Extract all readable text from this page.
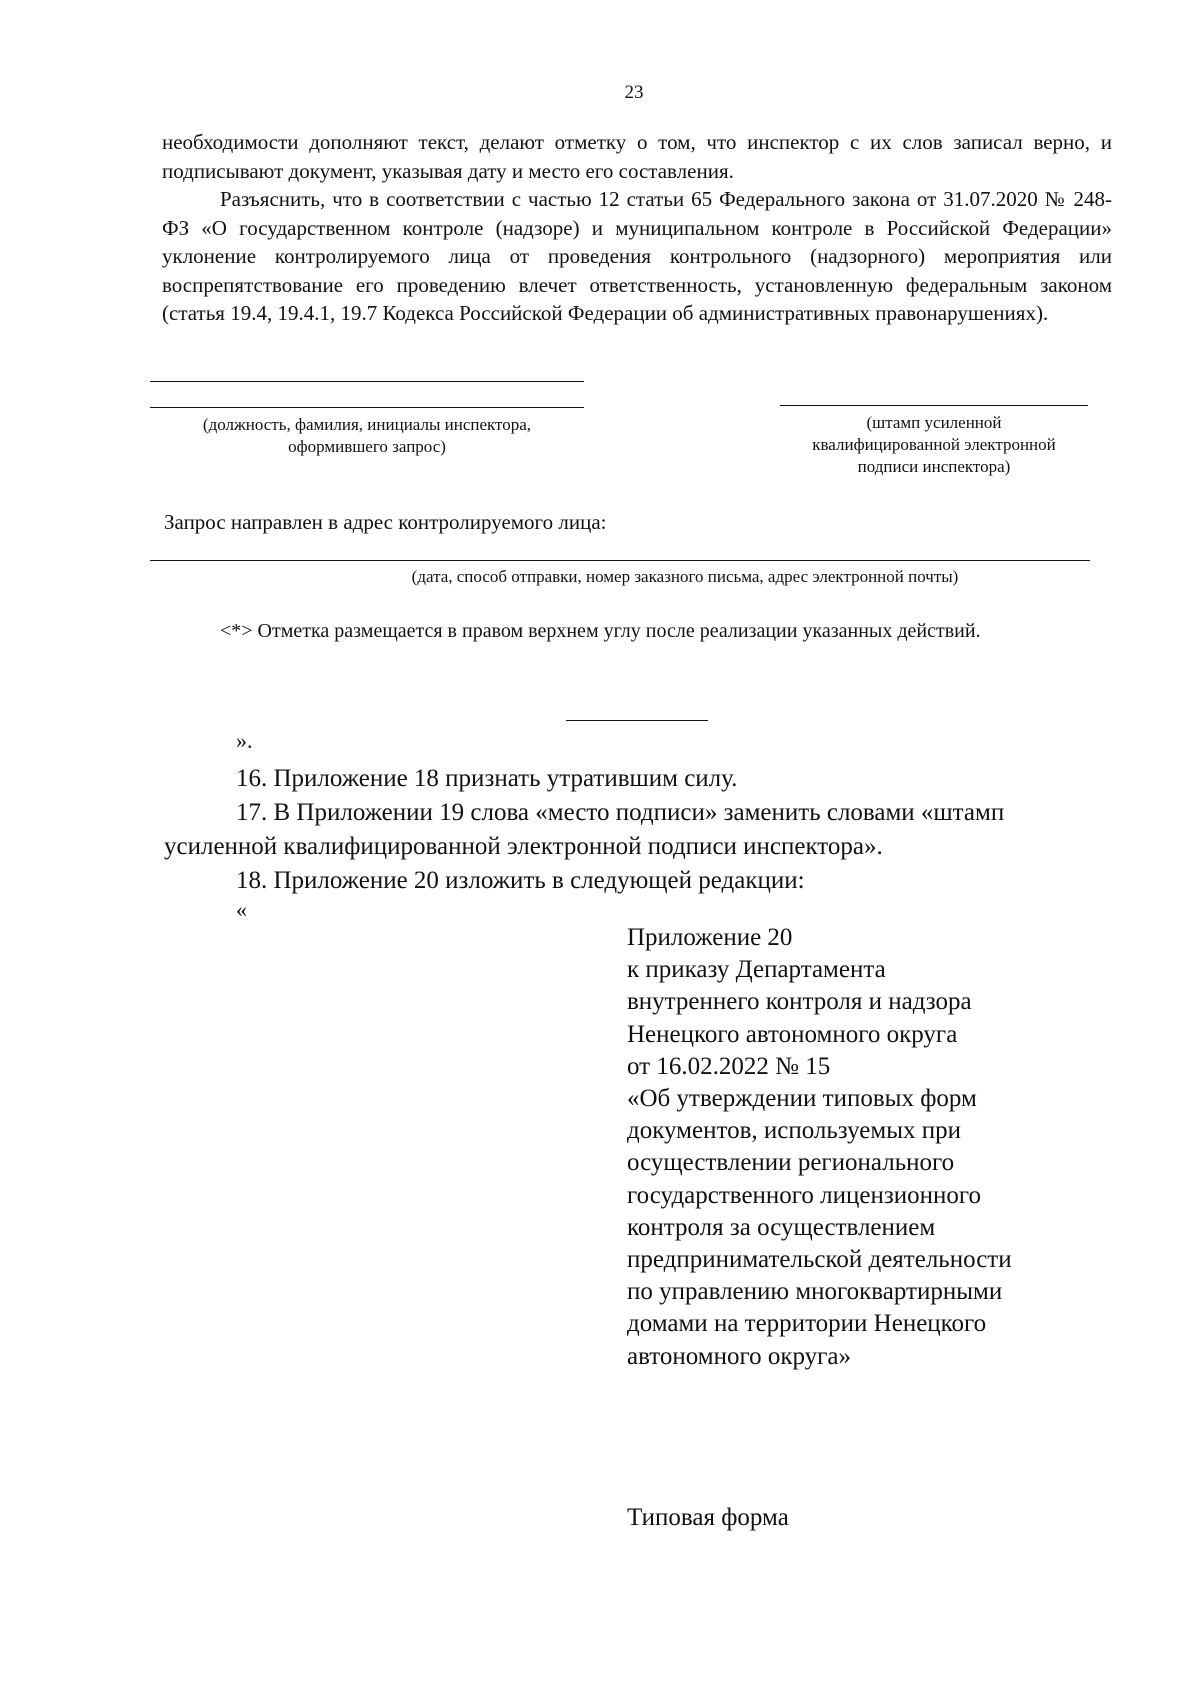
23

необходимости дополняют текст, делают отметку о том, что инспектор с их слов записал верно, и подписывают документ, указывая дату и место его составления.

Разъяснить, что в соответствии с частью 12 статьи 65 Федерального закона от 31.07.2020 № 248-ФЗ «О государственном контроле (надзоре) и муниципальном контроле в Российской Федерации» уклонение контролируемого лица от проведения контрольного (надзорного) мероприятия или воспрепятствование его проведению влечет ответственность, установленную федеральным законом (статья 19.4, 19.4.1, 19.7 Кодекса Российской Федерации об административных правонарушениях).

(должность, фамилия, инициалы инспектора,
оформившего запрос)
(штамп усиленной
квалифицированной электронной
подписи инспектора)
Запрос направлен в адрес контролируемого лица:
(дата, способ отправки, номер заказного письма, адрес электронной почты)
<*> Отметка размещается в правом верхнем углу после реализации указанных действий.
».
16. Приложение 18 признать утратившим силу.
17. В Приложении 19 слова «место подписи» заменить словами «штамп
усиленной квалифицированной электронной подписи инспектора».
18. Приложение 20 изложить в следующей редакции:
«
Приложение 20
к приказу Департамента
внутреннего контроля и надзора
Ненецкого автономного округа
от 16.02.2022 № 15
«Об утверждении типовых форм
документов, используемых при
осуществлении регионального
государственного лицензионного
контроля за осуществлением
предпринимательской деятельности
по управлению многоквартирными
домами на территории Ненецкого
автономного округа»
Типовая форма
